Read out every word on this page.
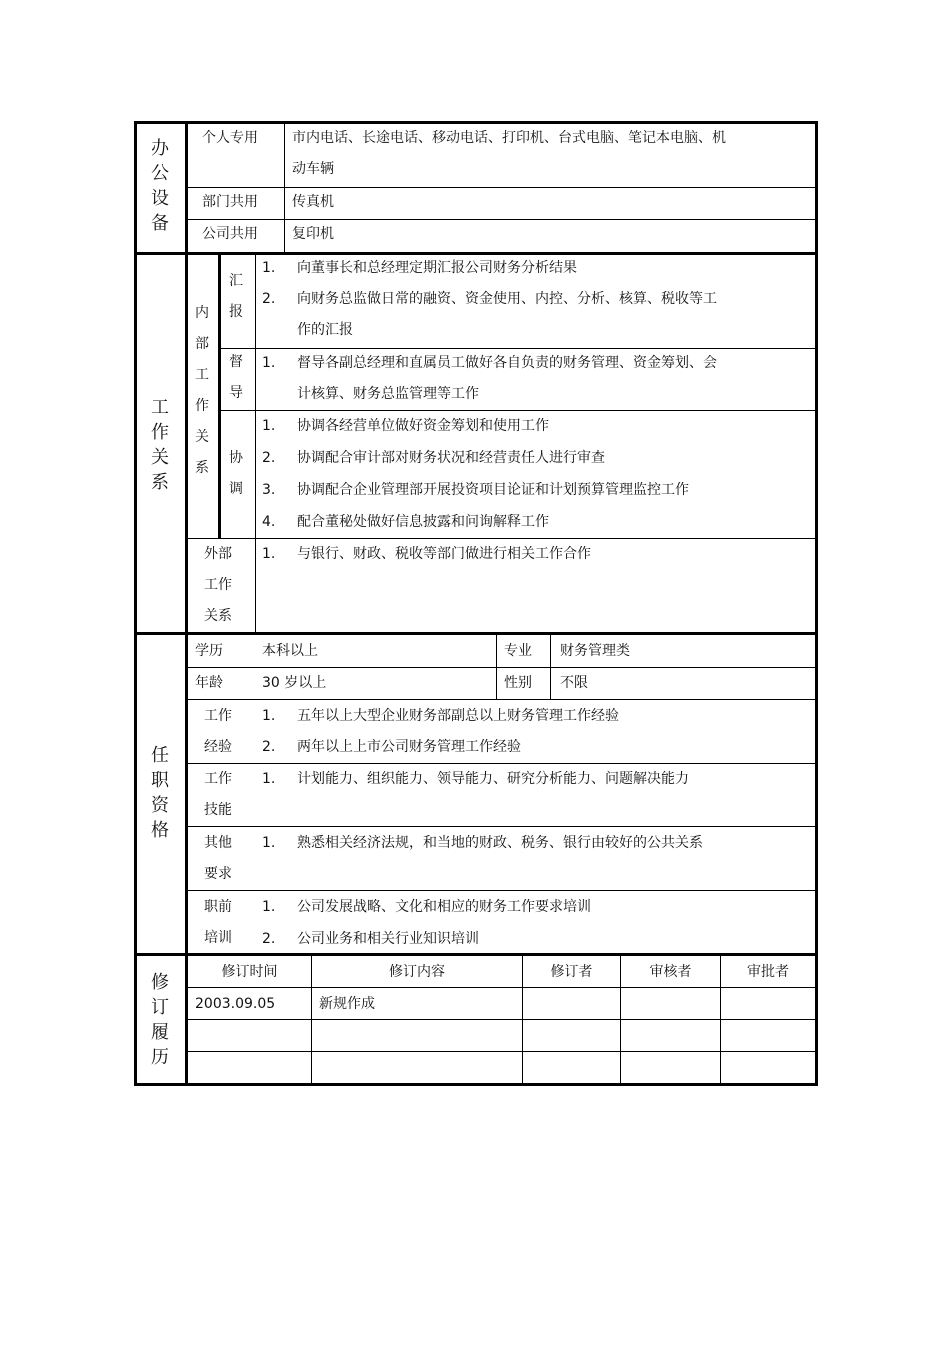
办公设备
个人专用 市内电话、长途电话、移动电话、打印机、台式电脑、笔记本电脑、机
动车辆
部门共用 传真机
公司共用 复印机
工作关系
内部工作关系
汇报
1. 向董事长和总经理定期汇报公司财务分析结果
2. 向财务总监做日常的融资、资金使用、内控、分析、核算、税收等工
作的汇报
督导
1. 督导各副总经理和直属员工做好各自负责的财务管理、资金筹划、会
计核算、财务总监管理等工作
协调
1. 协调各经营单位做好资金筹划和使用工作
2. 协调配合审计部对财务状况和经营责任人进行审查
3. 协调配合企业管理部开展投资项目论证和计划预算管理监控工作
4. 配合董秘处做好信息披露和问询解释工作
外部
工作
关系
1. 与银行、财政、税收等部门做进行相关工作合作
任职资格
学历	本科以上	专业 财务管理类
年龄	30 岁以上	性别 不限
工作
经验
1. 五年以上大型企业财务部副总以上财务管理工作经验
2. 两年以上上市公司财务管理工作经验
工作
技能
1. 计划能力、组织能力、领导能力、研究分析能力、问题解决能力
其他
要求
1. 熟悉相关经济法规，和当地的财政、税务、银行由较好的公共关系
职前
培训
1. 公司发展战略、文化和相应的财务工作要求培训
2. 公司业务和相关行业知识培训
修订履历
修订时间	修订内容	修订者	审核者	审批者
2003.09.05	新规作成
